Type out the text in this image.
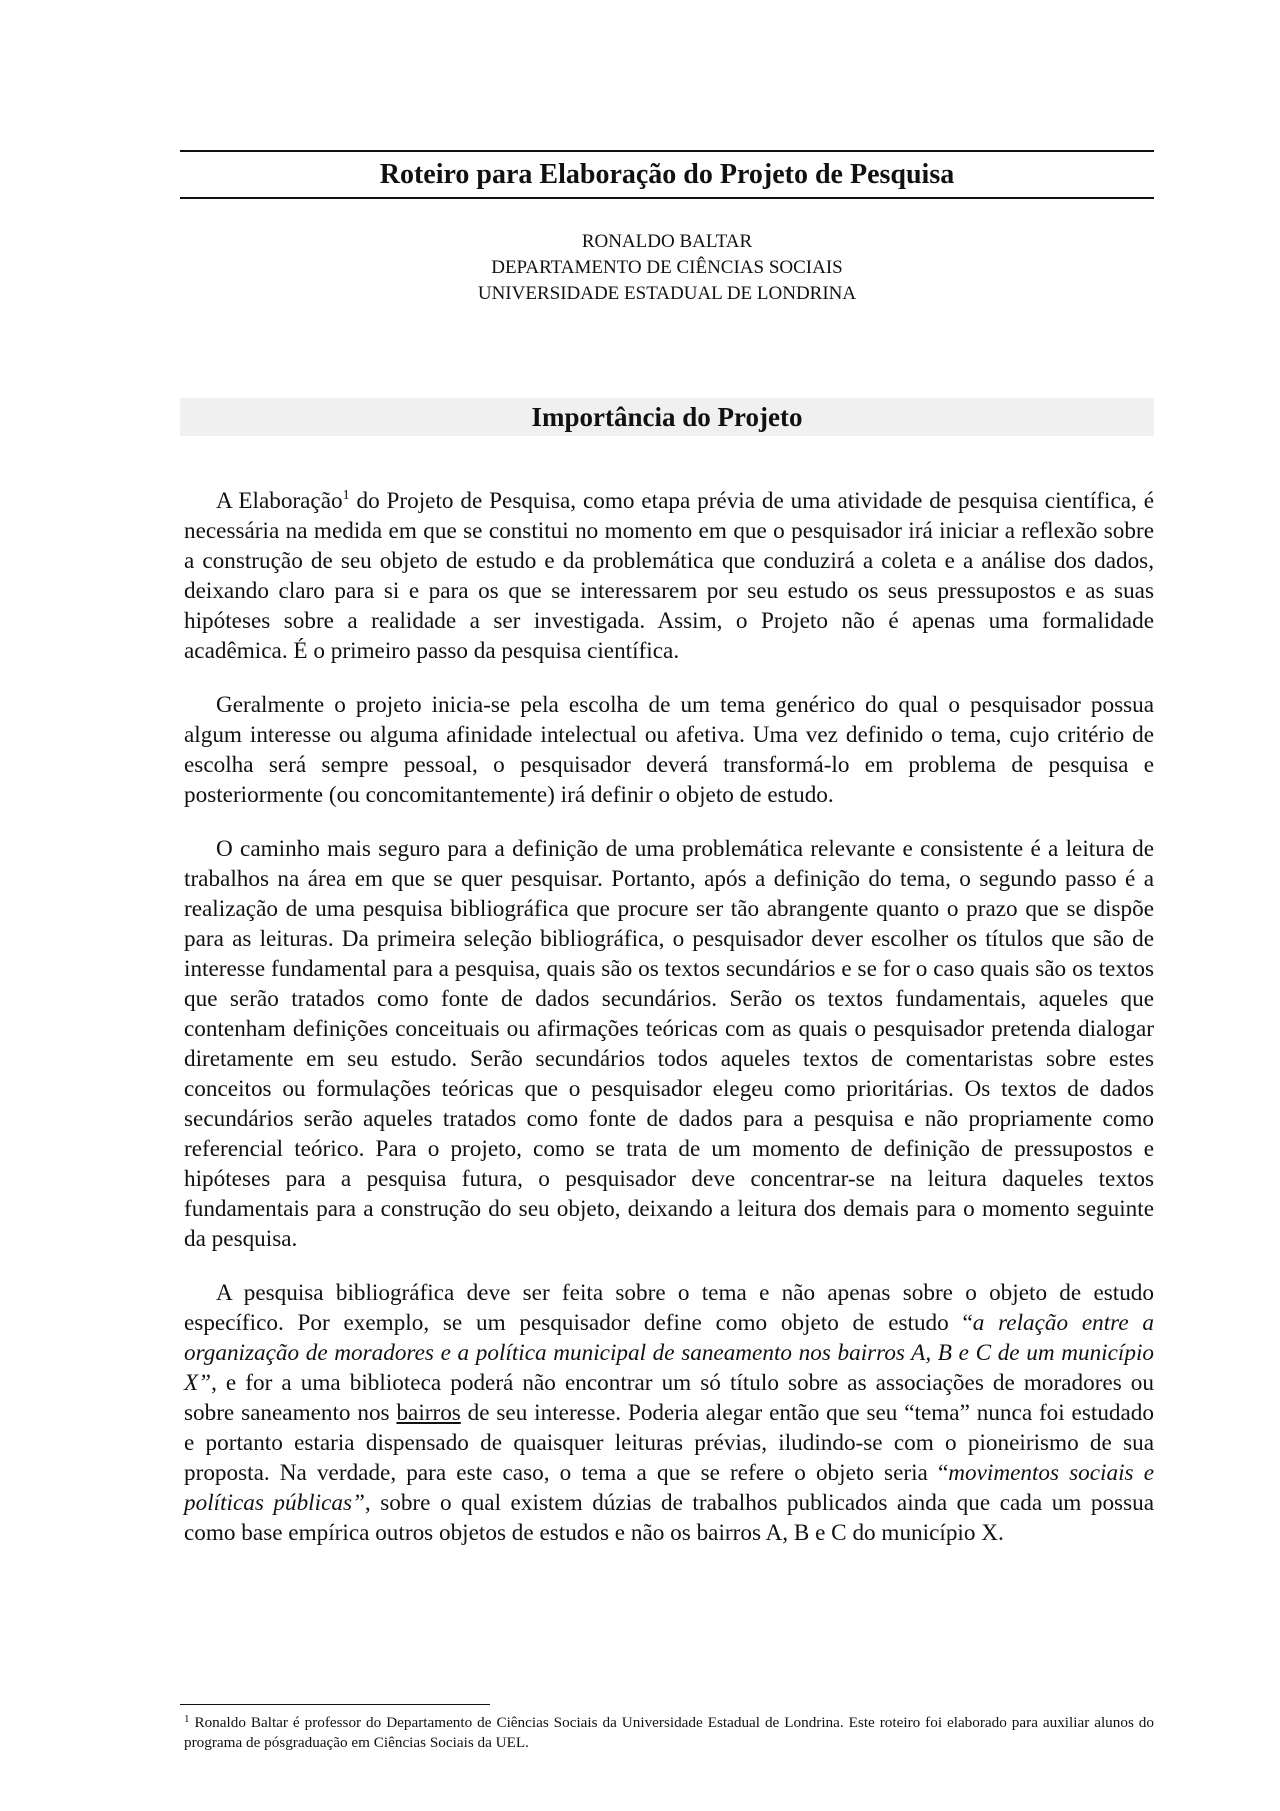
Roteiro para Elaboração do Projeto de Pesquisa
RONALDO BALTAR
DEPARTAMENTO DE CIÊNCIAS SOCIAIS
UNIVERSIDADE ESTADUAL DE LONDRINA
Importância do Projeto

A Elaboração$^1$ do Projeto de Pesquisa, como etapa prévia de uma atividade de pesquisa científica, é necessária na medida em que se constitui no momento em que o pesquisador irá iniciar a reflexão sobre a construção de seu objeto de estudo e da problemática que conduzirá a coleta e a análise dos dados, deixando claro para si e para os que se interessarem por seu estudo os seus pressupostos e as suas hipóteses sobre a realidade a ser investigada. Assim, o Projeto não é apenas uma formalidade acadêmica. É o primeiro passo da pesquisa científica.

Geralmente o projeto inicia-se pela escolha de um tema genérico do qual o pesquisador possua algum interesse ou alguma afinidade intelectual ou afetiva. Uma vez definido o tema, cujo critério de escolha será sempre pessoal, o pesquisador deverá transformá-lo em problema de pesquisa e posteriormente (ou concomitantemente) irá definir o objeto de estudo.

O caminho mais seguro para a definição de uma problemática relevante e consistente é a leitura de trabalhos na área em que se quer pesquisar. Portanto, após a definição do tema, o segundo passo é a realização de uma pesquisa bibliográfica que procure ser tão abrangente quanto o prazo que se dispõe para as leituras. Da primeira seleção bibliográfica, o pesquisador dever escolher os títulos que são de interesse fundamental para a pesquisa, quais são os textos secundários e se for o caso quais são os textos que serão tratados como fonte de dados secundários. Serão os textos fundamentais, aqueles que contenham definições conceituais ou afirmações teóricas com as quais o pesquisador pretenda dialogar diretamente em seu estudo. Serão secundários todos aqueles textos de comentaristas sobre estes conceitos ou formulações teóricas que o pesquisador elegeu como prioritárias. Os textos de dados secundários serão aqueles tratados como fonte de dados para a pesquisa e não propriamente como referencial teórico. Para o projeto, como se trata de um momento de definição de pressupostos e hipóteses para a pesquisa futura, o pesquisador deve concentrar-se na leitura daqueles textos fundamentais para a construção do seu objeto, deixando a leitura dos demais para o momento seguinte da pesquisa.

A pesquisa bibliográfica deve ser feita sobre o tema e não apenas sobre o objeto de estudo específico. Por exemplo, se um pesquisador define como objeto de estudo “a relação entre a organização de moradores e a política municipal de saneamento nos bairros A, B e C de um município X”, e for a uma biblioteca poderá não encontrar um só título sobre as associações de moradores ou sobre saneamento nos bairros de seu interesse. Poderia alegar então que seu “tema” nunca foi estudado e portanto estaria dispensado de quaisquer leituras prévias, iludindo-se com o pioneirismo de sua proposta. Na verdade, para este caso, o tema a que se refere o objeto seria “movimentos sociais e políticas públicas”, sobre o qual existem dúzias de trabalhos publicados ainda que cada um possua como base empírica outros objetos de estudos e não os bairros A, B e C do município X.

$^1$ Ronaldo Baltar é professor do Departamento de Ciências Sociais da Universidade Estadual de Londrina. Este roteiro foi elaborado para auxiliar alunos do programa de pósgraduação em Ciências Sociais da UEL.
